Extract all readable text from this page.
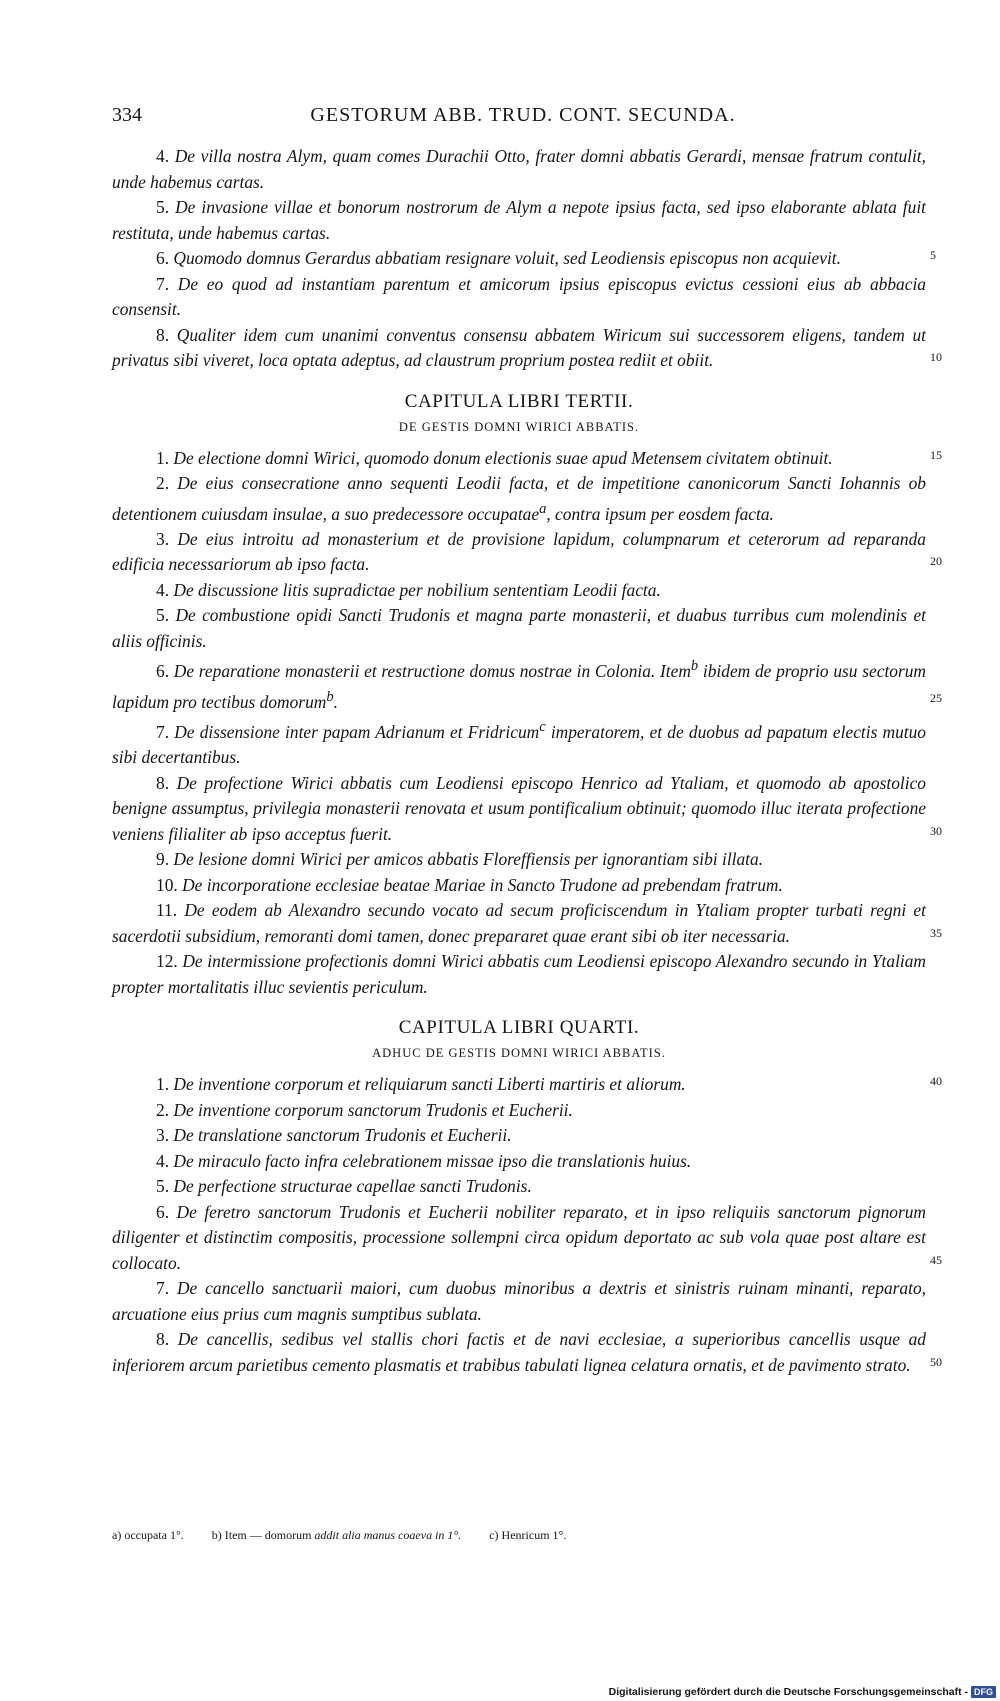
334	GESTORUM ABB. TRUD. CONT. SECUNDA.
4. De villa nostra Alym, quam comes Durachii Otto, frater domni abbatis Gerardi, mensae fratrum contulit, unde habemus cartas.
5. De invasione villae et bonorum nostrorum de Alym a nepote ipsius facta, sed ipso elaborante ablata fuit restituta, unde habemus cartas.
6. Quomodo domnus Gerardus abbatiam resignare voluit, sed Leodiensis episcopus non acquievit.	5
7. De eo quod ad instantiam parentum et amicorum ipsius episcopus evictus cessioni eius ab abbacia consensit.
8. Qualiter idem cum unanimi conventus consensu abbatem Wiricum sui successorem eligens, tandem ut privatus sibi viveret, loca optata adeptus, ad claustrum proprium postea rediit et obiit.	10
CAPITULA LIBRI TERTII.
DE GESTIS DOMNI WIRICI ABBATIS.
1. De electione domni Wirici, quomodo donum electionis suae apud Metensem civitatem obtinuit.	15
2. De eius consecratione anno sequenti Leodii facta, et de impetitione canonicorum Sancti Iohannis ob detentionem cuiusdam insulae, a suo predecessore occupatae$^a$, contra ipsum per eosdem facta.
3. De eius introitu ad monasterium et de provisione lapidum, columpnarum et ceterorum ad reparanda edificia necessariorum ab ipso facta.	20
4. De discussione litis supradictae per nobilium sententiam Leodii facta.
5. De combustione opidi Sancti Trudonis et magna parte monasterii, et duabus turribus cum molendinis et aliis officinis.
6. De reparatione monasterii et restructione domus nostrae in Colonia. Item$^b$ ibidem de proprio usu sectorum lapidum pro tectibus domorum$^b$.	25
7. De dissensione inter papam Adrianum et Fridricum$^c$ imperatorem, et de duobus ad papatum electis mutuo sibi decertantibus.
8. De profectione Wirici abbatis cum Leodiensi episcopo Henrico ad Ytaliam, et quomodo ab apostolico benigne assumptus, privilegia monasterii renovata et usum pontificalium obtinuit; quomodo illuc iterata profectione veniens filialiter ab ipso acceptus fuerit.	30
9. De lesione domni Wirici per amicos abbatis Floreffiensis per ignorantiam sibi illata.
10. De incorporatione ecclesiae beatae Mariae in Sancto Trudone ad prebendam fratrum.
11. De eodem ab Alexandro secundo vocato ad secum proficiscendum in Ytaliam propter turbati regni et sacerdotii subsidium, remoranti domi tamen, donec prepararet quae erant sibi ob iter necessaria.	35
12. De intermissione profectionis domni Wirici abbatis cum Leodiensi episcopo Alexandro secundo in Ytaliam propter mortalitatis illuc sevientis periculum.
CAPITULA LIBRI QUARTI.
ADHUC DE GESTIS DOMNI WIRICI ABBATIS.
1. De inventione corporum et reliquiarum sancti Liberti martiris et aliorum.	40
2. De inventione corporum sanctorum Trudonis et Eucherii.
3. De translatione sanctorum Trudonis et Eucherii.
4. De miraculo facto infra celebrationem missae ipso die translationis huius.
5. De perfectione structurae capellae sancti Trudonis.
6. De feretro sanctorum Trudonis et Eucherii nobiliter reparato, et in ipso reliquiis sanctorum pignorum diligenter et distinctim compositis, processione sollempni circa opidum deportato ac sub vola quae post altare est collocato.	45
7. De cancello sanctuarii maiori, cum duobus minoribus a dextris et sinistris ruinam minanti, reparato, arcuatione eius prius cum magnis sumptibus sublata.
8. De cancellis, sedibus vel stallis chori factis et de navi ecclesiae, a superioribus cancellis usque ad inferiorem arcum parietibus cemento plasmatis et trabibus tabulati lignea celatura ornatis, et de pavimento strato. 50
a) occupata 1°. b) Item — domorum addit alia manus coaeva in 1°. c) Henricum 1°.
Digitalisierung gefördert durch die Deutsche Forschungsgemeinschaft - DFG
